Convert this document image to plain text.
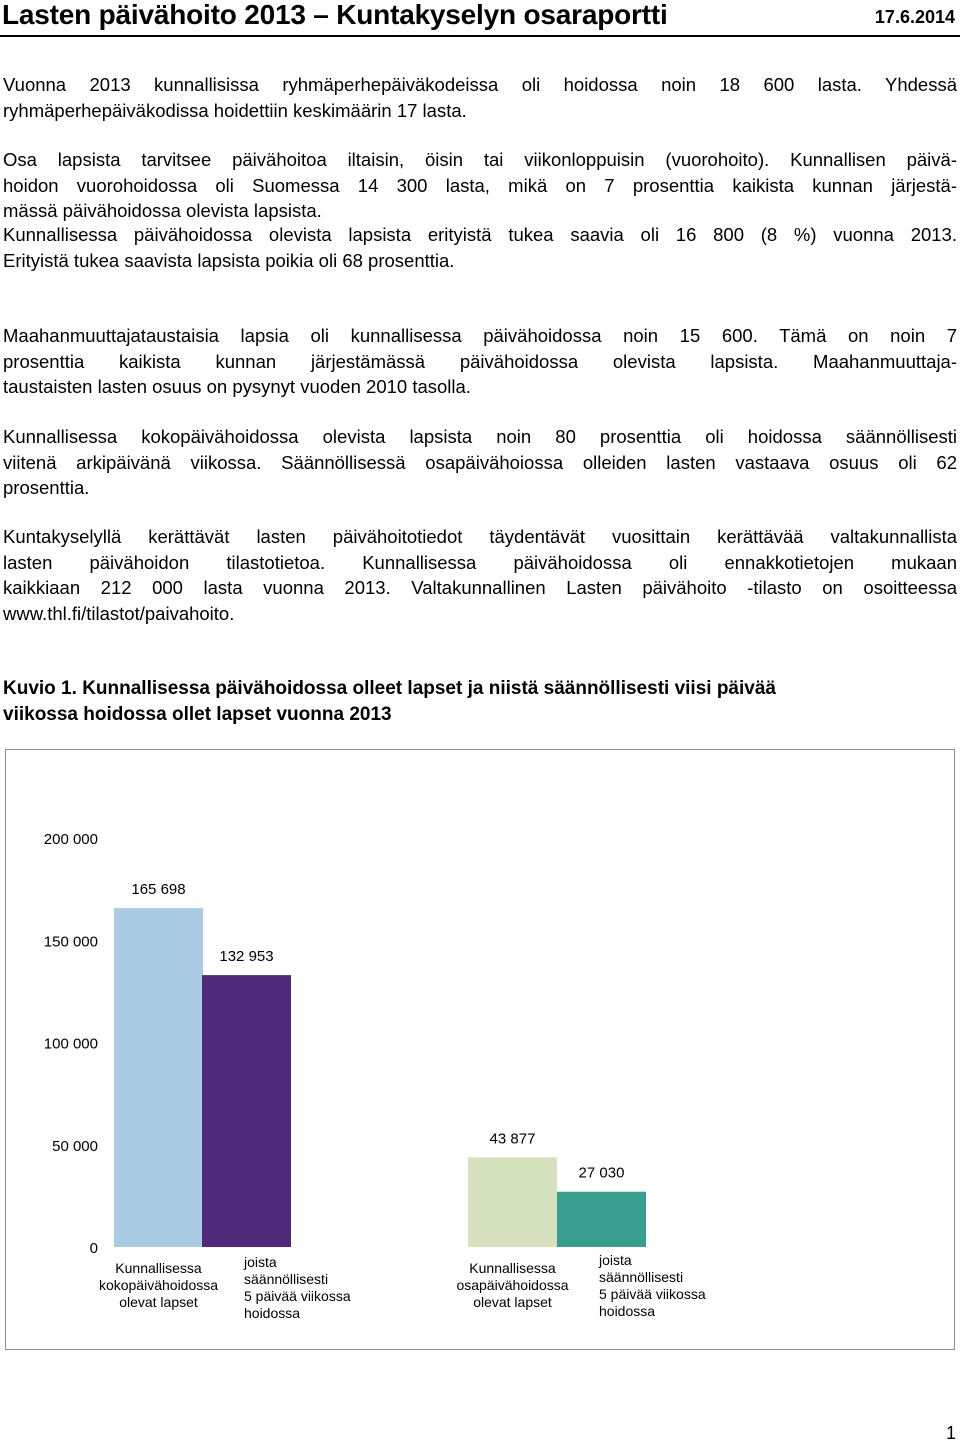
Lasten päivähoito 2013 – Kuntakyselyn osaraportti	17.6.2014
Vuonna 2013 kunnallisissa ryhmäperhepäiväkodeissa oli hoidossa noin 18 600 lasta. Yhdessä
ryhmäperhepäiväkodissa hoidettiin keskimäärin 17 lasta.
Osa lapsista tarvitsee päivähoitoa iltaisin, öisin tai viikonloppuisin (vuorohoito). Kunnallisen päivä-
hoidon vuorohoidossa oli Suomessa 14 300 lasta, mikä on 7 prosenttia kaikista kunnan järjestä-
mässä päivähoidossa olevista lapsista.
Kunnallisessa päivähoidossa olevista lapsista erityistä tukea saavia oli 16 800 (8 %) vuonna 2013.
Erityistä tukea saavista lapsista poikia oli 68 prosenttia.
Maahanmuuttajataustaisia lapsia oli kunnallisessa päivähoidossa noin 15 600. Tämä on noin 7
prosenttia kaikista kunnan järjestämässä päivähoidossa olevista lapsista. Maahanmuuttaja-
taustaisten lasten osuus on pysynyt vuoden 2010 tasolla.
Kunnallisessa kokopäivähoidossa olevista lapsista noin 80 prosenttia oli hoidossa säännöllisesti
viitenä arkipäivänä viikossa. Säännöllisessä osapäivähoiossa olleiden lasten vastaava osuus oli 62
prosenttia.
Kuntakyselyllä kerättävät lasten päivähoitotiedot täydentävät vuosittain kerättävää valtakunnallista
lasten päivähoidon tilastotietoa. Kunnallisessa päivähoidossa oli ennakkotietojen mukaan
kaikkiaan 212 000 lasta vuonna 2013. Valtakunnallinen Lasten päivähoito -tilasto on osoitteessa
www.thl.fi/tilastot/paivahoito.
Kuvio 1. Kunnallisessa päivähoidossa olleet lapset ja niistä säännöllisesti viisi päivää
viikossa hoidossa ollet lapset vuonna 2013
0
50 000
100 000
150 000
200 000
165 698
Kunnallisessa
kokopäivähoidossa
olevat lapset
132 953
joista
säännöllisesti
5 päivää viikossa
hoidossa
43 877
Kunnallisessa
osapäivähoidossa
olevat lapset
27 030
joista
säännöllisesti
5 päivää viikossa
hoidossa
1
